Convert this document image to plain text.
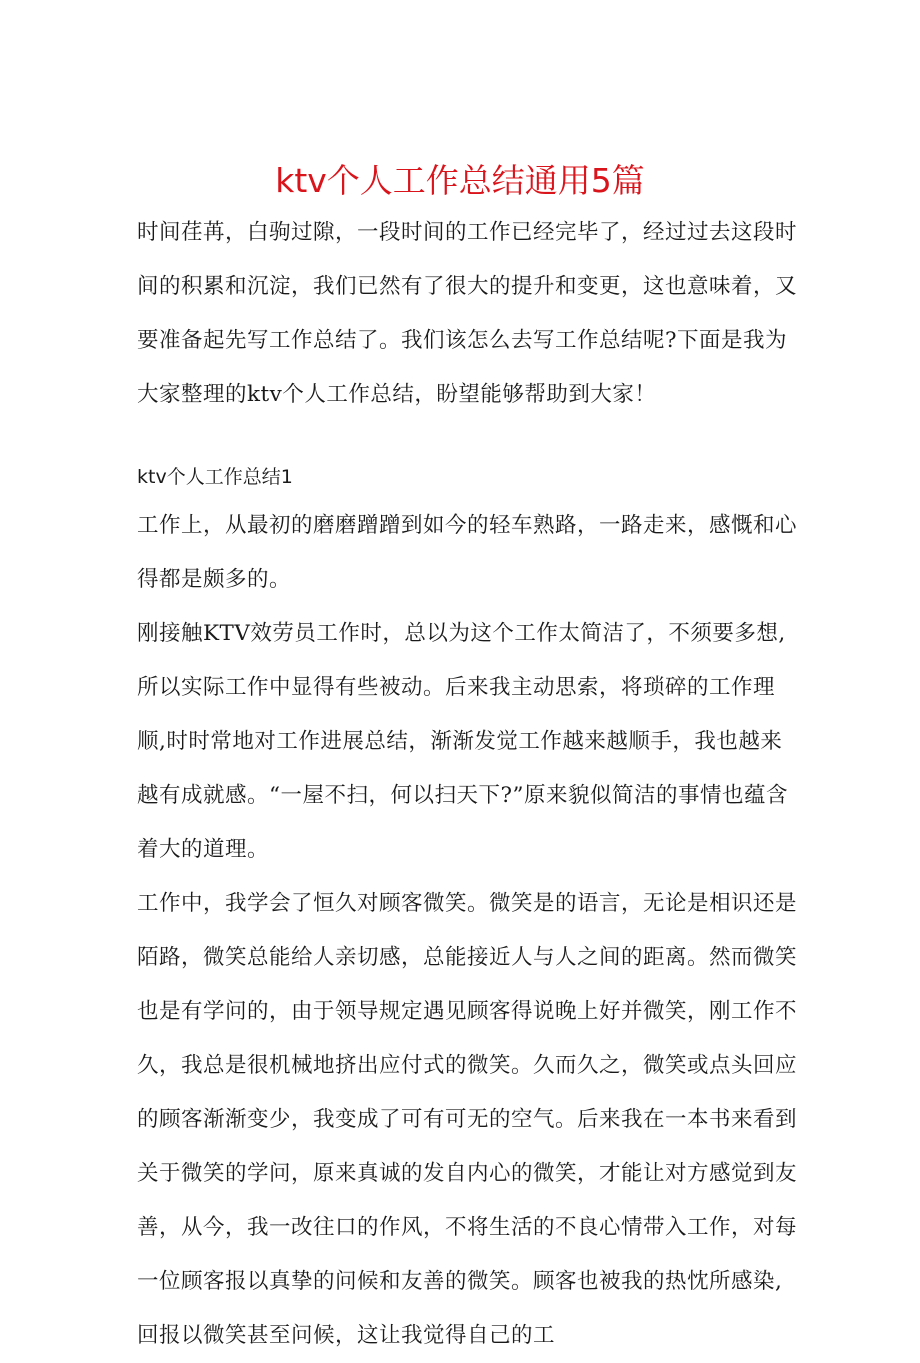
ktv个人工作总结通用5篇

时间荏苒，白驹过隙，一段时间的工作已经完毕了，经过过去这段时间的积累和沉淀，我们已然有了很大的提升和变更，这也意味着，又要准备起先写工作总结了。我们该怎么去写工作总结呢?下面是我为大家整理的ktv个人工作总结，盼望能够帮助到大家！

ktv个人工作总结1

工作上，从最初的磨磨蹭蹭到如今的轻车熟路，一路走来，感慨和心得都是颇多的。

刚接触KTV效劳员工作时，总以为这个工作太简洁了，不须要多想,所以实际工作中显得有些被动。后来我主动思索，将琐碎的工作理顺,时时常地对工作进展总结，渐渐发觉工作越来越顺手，我也越来越有成就感。“一屋不扫，何以扫天下?”原来貌似简洁的事情也蕴含着大的道理。

工作中，我学会了恒久对顾客微笑。微笑是的语言，无论是相识还是陌路，微笑总能给人亲切感，总能接近人与人之间的距离。然而微笑也是有学问的，由于领导规定遇见顾客得说晚上好并微笑，刚工作不久，我总是很机械地挤出应付式的微笑。久而久之，微笑或点头回应的顾客渐渐变少，我变成了可有可无的空气。后来我在一本书来看到关于微笑的学问，原来真诚的发自内心的微笑，才能让对方感觉到友善，从今，我一改往口的作风，不将生活的不良心情带入工作，对每一位顾客报以真挚的问候和友善的微笑。顾客也被我的热忱所感染,回报以微笑甚至问候，这让我觉得自己的工
